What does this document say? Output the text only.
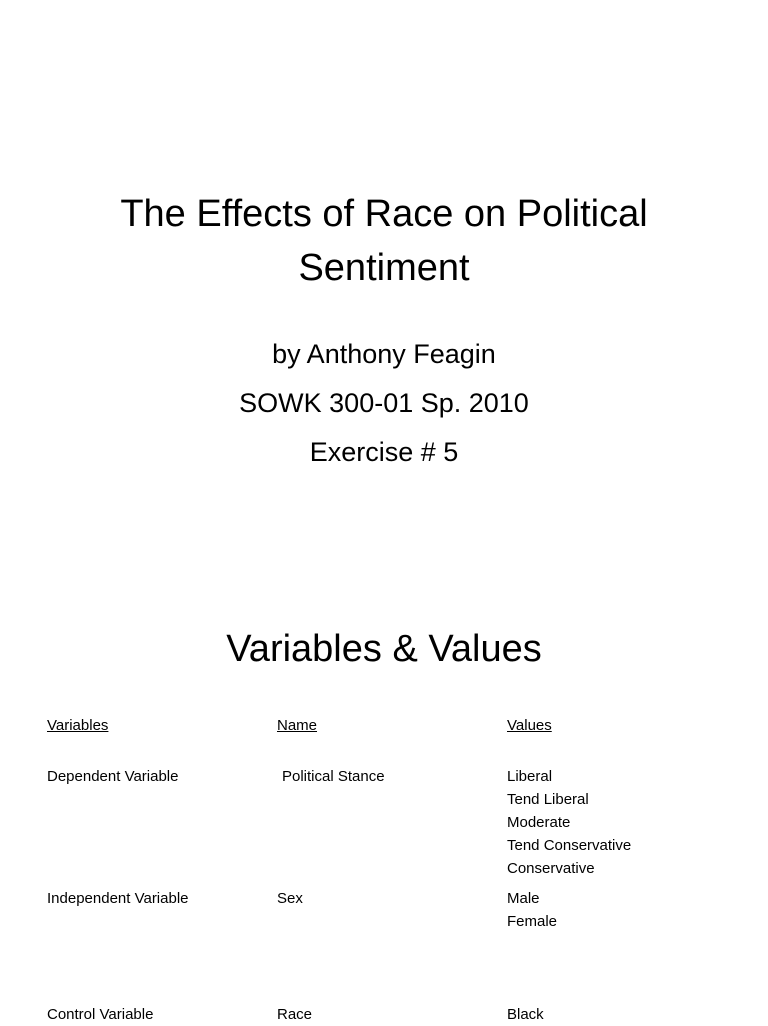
The Effects of Race on Political Sentiment
by Anthony Feagin
SOWK 300-01 Sp. 2010
Exercise # 5
Variables & Values
Variables	Name	Values
Dependent Variable	Political Stance	Liberal
Tend Liberal
Moderate
Tend Conservative
Conservative
Independent Variable	Sex	Male
Female
Control Variable	Race	Black
